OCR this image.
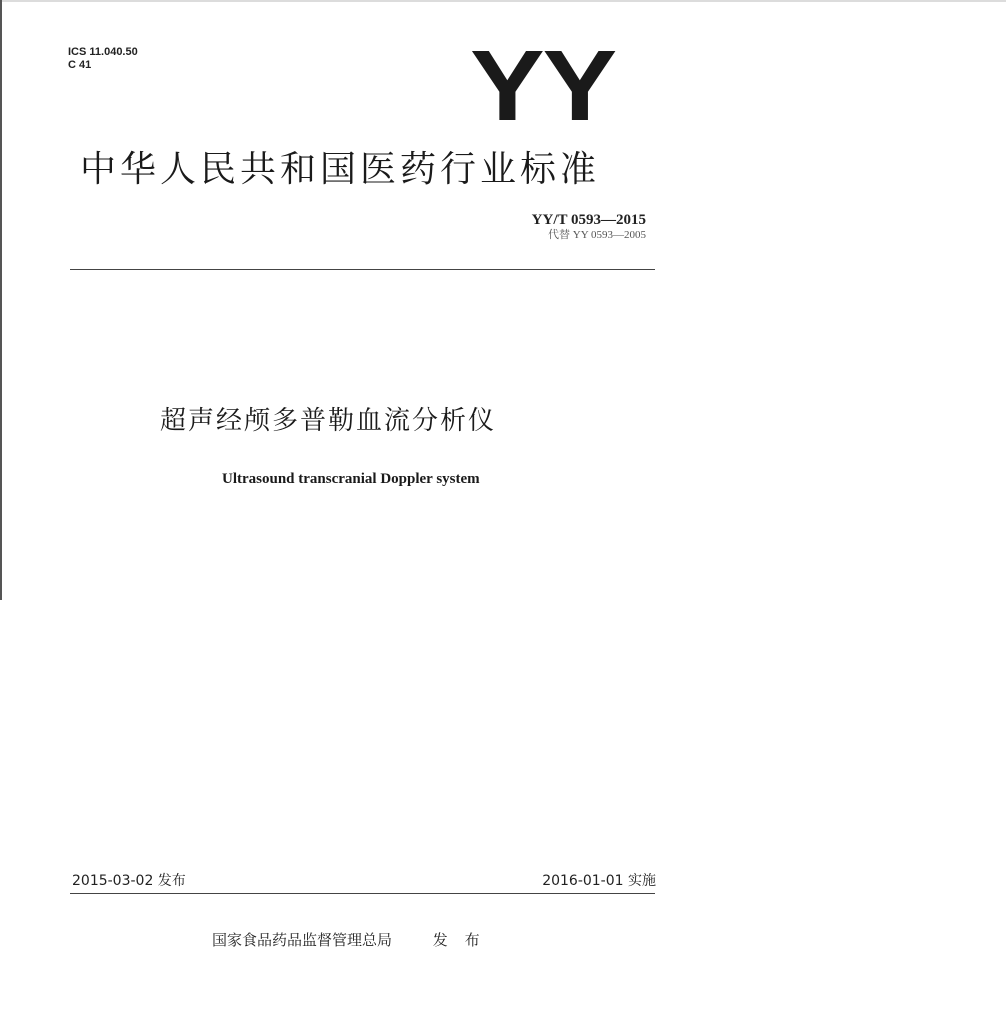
ICS 11.040.50
C 41	YY
中华人民共和国医药行业标准
YY/T 0593—2015
代替 YY 0593—2005
超声经颅多普勒血流分析仪
Ultrasound transcranial Doppler system
2015-03-02 发布	2016-01-01 实施
国家食品药品监督管理总局	发 布
